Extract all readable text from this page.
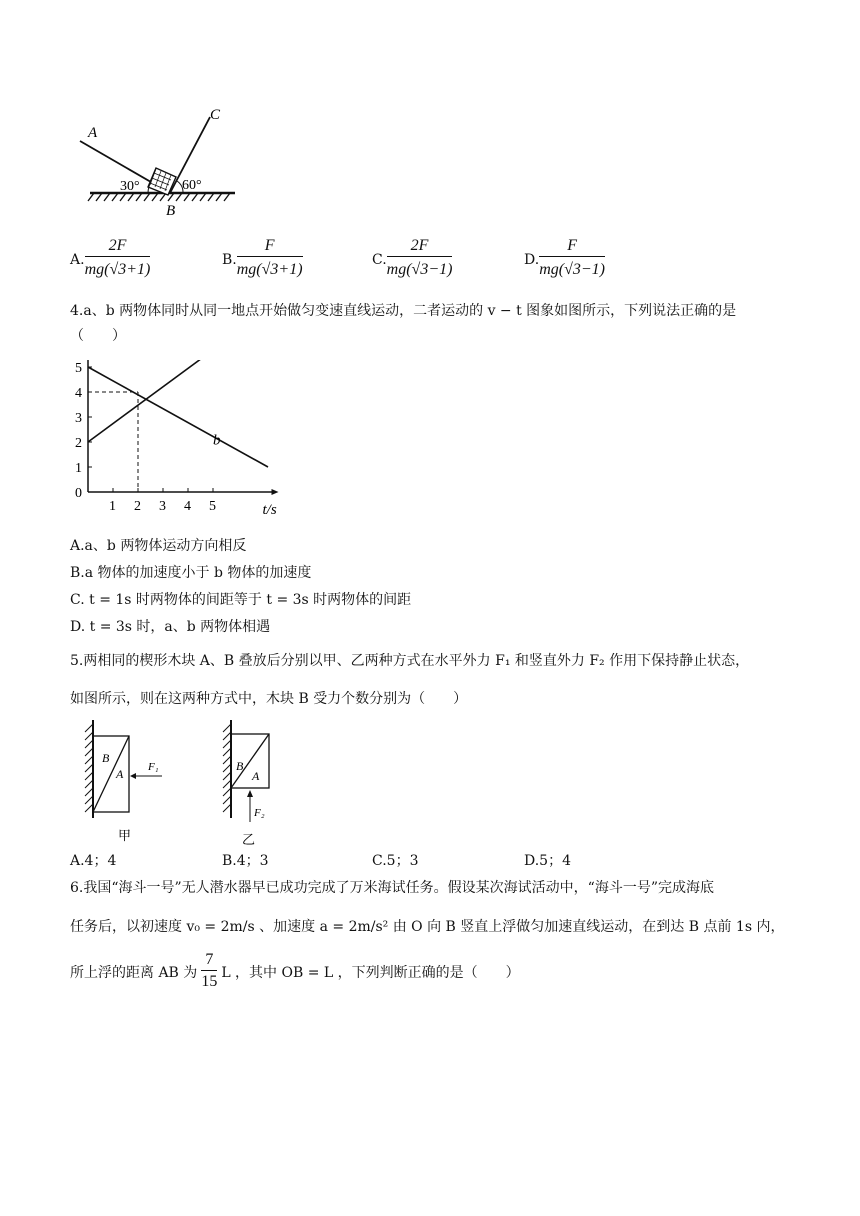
A
C
B
30°	60°
A. $\frac{2F}{mg(√3+1)}$	B. $\frac{F}{mg(√3+1)}$	C. $\frac{2F}{mg(√3-1)}$	D. $\frac{F}{mg(√3-1)}$
4.a、b 两物体同时从同一地点开始做匀变速直线运动，二者运动的 v − t 图象如图所示，下列说法正确的是
（　　）
1 2 3 4 5
0
1
2
3
4
5
t/s
b
A.a、b 两物体运动方向相反
B.a 物体的加速度小于 b 物体的加速度
C. t = 1s 时两物体的间距等于 t = 3s 时两物体的间距
D. t = 3s 时，a、b 两物体相遇
5.两相同的楔形木块 A、B 叠放后分别以甲、乙两种方式在水平外力 F₁ 和竖直外力 F₂ 作用下保持静止状态，
如图所示，则在这两种方式中，木块 B 受力个数分别为（　　）
B
A F₁
甲
B
A
F₂
乙
A.4；4	B.4；3	C.5；3	D.5；4
6.我国“海斗一号”无人潜水器早已成功完成了万米海试任务。假设某次海试活动中，“海斗一号”完成海底
任务后，以初速度 v₀ = 2m/s 、加速度 a = 2m/s² 由 O 向 B 竖直上浮做匀加速直线运动，在到达 B 点前 1s 内，
所上浮的距离 AB 为 $\frac{7}{15}$ L ，其中 OB = L ，下列判断正确的是（　　）
